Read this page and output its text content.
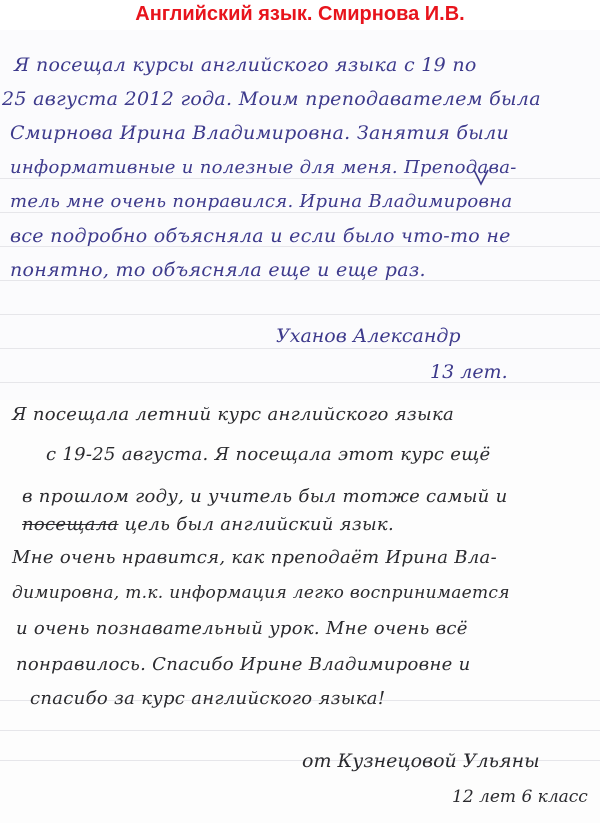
Английский язык. Смирнова И.В.
Я посещал курсы английского языка с 19 по
25 августа 2012 года. Моим преподавателем была
Смирнова Ирина Владимировна. Занятия были
информативные и полезные для меня. Преподава-
тель мне очень понравился. Ирина Владимировна
все подробно объясняла и если было что-то не
понятно, то объясняла еще и еще раз.
Уханов Александр
13 лет.
Я посещала летний курс английского языка
с 19-25 августа. Я посещала этот курс ещё
в прошлом году, и учитель был тотже самый и
посещала цель был английский язык.
Мне очень нравится, как преподаёт Ирина Вла-
димировна, т.к. информация легко воспринимается
и очень познавательный урок. Мне очень всё
понравилось. Спасибо Ирине Владимировне и
спасибо за курс английского языка!
от Кузнецовой Ульяны
12 лет 6 класс
